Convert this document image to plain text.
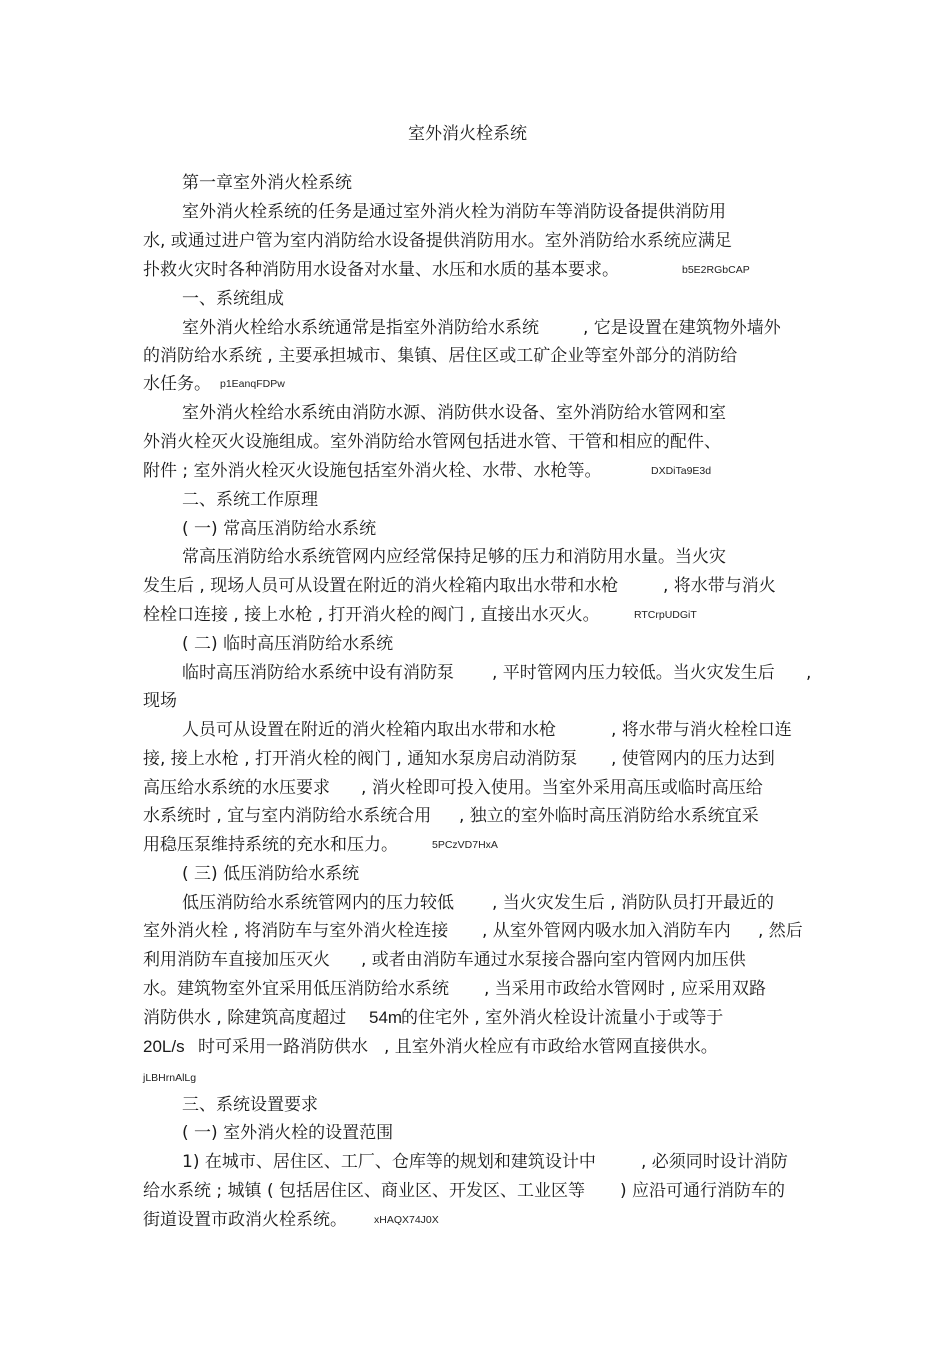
室外消火栓系统
第一章室外消火栓系统
室外消火栓系统的任务是通过室外消火栓为消防车等消防设备提供消防用
水, 或通过进户管为室内消防给水设备提供消防用水。室外消防给水系统应满足
扑救火灾时各种消防用水设备对水量、水压和水质的基本要求。	b5E2RGbCAP
一、系统组成
室外消火栓给水系统通常是指室外消防给水系统	, 它是设置在建筑物外墙外
的消防给水系统 , 主要承担城市、集镇、居住区或工矿企业等室外部分的消防给
水任务。 p1EanqFDPw
室外消火栓给水系统由消防水源、消防供水设备、室外消防给水管网和室
外消火栓灭火设施组成。室外消防给水管网包括进水管、干管和相应的配件、
附件 ; 室外消火栓灭火设施包括室外消火栓、水带、水枪等。	DXDiTa9E3d
二、系统工作原理
( 一) 常高压消防给水系统
常高压消防给水系统管网内应经常保持足够的压力和消防用水量。当火灾
发生后 , 现场人员可从设置在附近的消火栓箱内取出水带和水枪	, 将水带与消火
栓栓口连接 , 接上水枪 , 打开消火栓的阀门 , 直接出水灭火。	RTCrpUDGiT
( 二) 临时高压消防给水系统
临时高压消防给水系统中设有消防泵 , 平时管网内压力较低。当火灾发生后 ,
现场
人员可从设置在附近的消火栓箱内取出水带和水枪	, 将水带与消火栓栓口连
接, 接上水枪 , 打开消火栓的阀门 , 通知水泵房启动消防泵 , 使管网内的压力达到
高压给水系统的水压要求 , 消火栓即可投入使用。当室外采用高压或临时高压给
水系统时 , 宜与室内消防给水系统合用 , 独立的室外临时高压消防给水系统宜采
用稳压泵维持系统的充水和压力。	5PCzVD7HxA
( 三) 低压消防给水系统
低压消防给水系统管网内的压力较低 , 当火灾发生后 , 消防队员打开最近的
室外消火栓 , 将消防车与室外消火栓连接 , 从室外管网内吸水加入消防车内 , 然后
利用消防车直接加压灭火 , 或者由消防车通过水泵接合器向室内管网内加压供
水。建筑物室外宜采用低压消防给水系统 , 当采用市政给水管网时 , 应采用双路
消防供水 , 除建筑高度超过 54m
的住宅外 , 室外消火栓设计流量小于或等于
20L/s 时可采用一路消防供水 , 且室外消火栓应有市政给水管网直接供水。
jLBHrnAlLg
三、系统设置要求
( 一) 室外消火栓的设置范围
1) 在城市、居住区、工厂、仓库等的规划和建筑设计中	, 必须同时设计消防
给水系统 ; 城镇 ( 包括居住区、商业区、开发区、工业区等 ) 应沿可通行消防车的
街道设置市政消火栓系统。	xHAQX74J0X
